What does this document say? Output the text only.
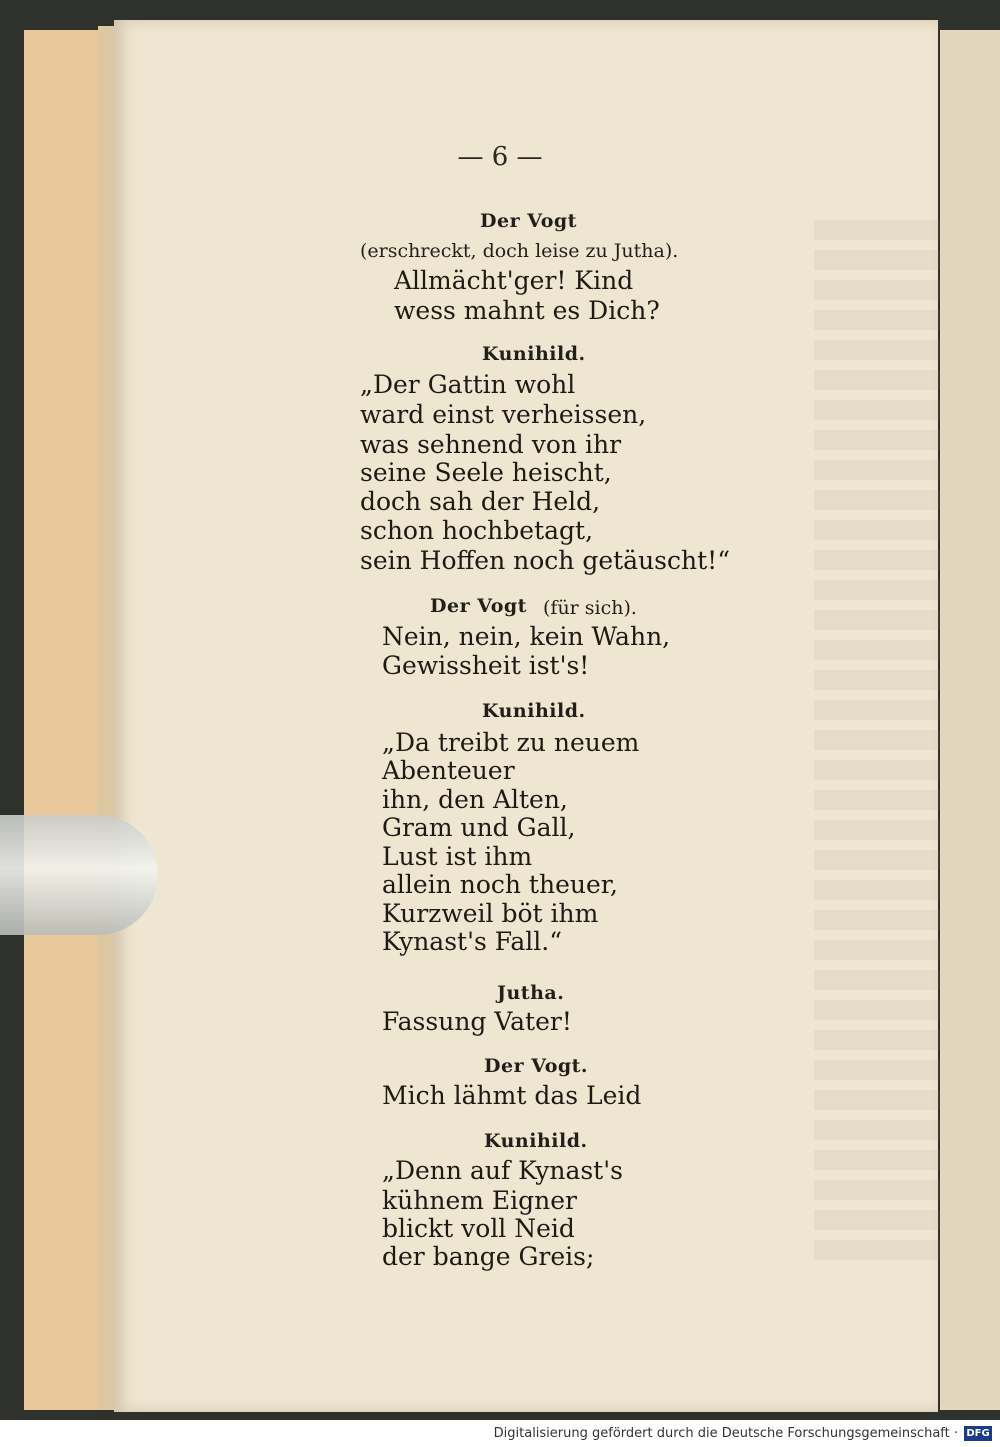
— 6 —
Der Vogt
(erschreckt, doch leise zu Jutha).
Allmächt'ger! Kind
wess mahnt es Dich?
Kunihild.
„Der Gattin wohl
ward einst verheissen,
was sehnend von ihr
seine Seele heischt,
doch sah der Held,
schon hochbetagt,
sein Hoffen noch getäuscht!“
Der Vogt (für sich).
Nein, nein, kein Wahn,
Gewissheit ist's!
Kunihild.
„Da treibt zu neuem
Abenteuer
ihn, den Alten,
Gram und Gall,
Lust ist ihm
allein noch theuer,
Kurzweil böt ihm
Kynast's Fall.“
Jutha.
Fassung Vater!
Der Vogt.
Mich lähmt das Leid
Kunihild.
„Denn auf Kynast's
kühnem Eigner
blickt voll Neid
der bange Greis;
Digitalisierung gefördert durch die Deutsche Forschungsgemeinschaft · DFG
